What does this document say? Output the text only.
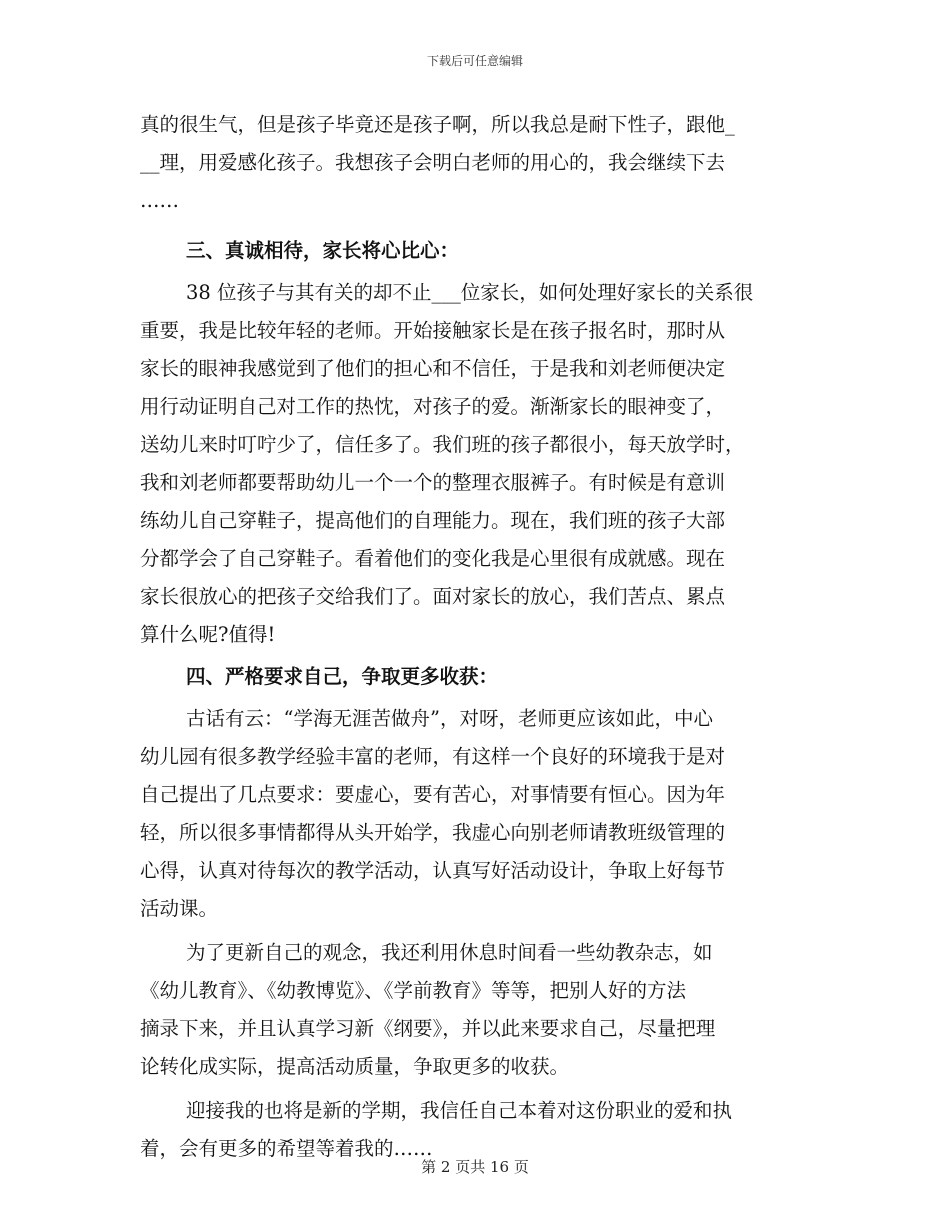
下载后可任意编辑
真的很生气，但是孩子毕竟还是孩子啊，所以我总是耐下性子，跟他_
__理，用爱感化孩子。我想孩子会明白老师的用心的，我会继续下去
……
三、真诚相待，家长将心比心：
38 位孩子与其有关的却不止___位家长，如何处理好家长的关系很
重要，我是比较年轻的老师。开始接触家长是在孩子报名时，那时从
家长的眼神我感觉到了他们的担心和不信任，于是我和刘老师便决定
用行动证明自己对工作的热忱，对孩子的爱。渐渐家长的眼神变了，
送幼儿来时叮咛少了，信任多了。我们班的孩子都很小，每天放学时，
我和刘老师都要帮助幼儿一个一个的整理衣服裤子。有时候是有意训
练幼儿自己穿鞋子，提高他们的自理能力。现在，我们班的孩子大部
分都学会了自己穿鞋子。看着他们的变化我是心里很有成就感。现在
家长很放心的把孩子交给我们了。面对家长的放心，我们苦点、累点
算什么呢?值得!
四、严格要求自己，争取更多收获：
古话有云：“学海无涯苦做舟”，对呀，老师更应该如此，中心
幼儿园有很多教学经验丰富的老师，有这样一个良好的环境我于是对
自己提出了几点要求：要虚心，要有苦心，对事情要有恒心。因为年
轻，所以很多事情都得从头开始学，我虚心向别老师请教班级管理的
心得，认真对待每次的教学活动，认真写好活动设计，争取上好每节
活动课。
为了更新自己的观念，我还利用休息时间看一些幼教杂志，如
《幼儿教育》、《幼教博览》、《学前教育》等等，把别人好的方法
摘录下来，并且认真学习新《纲要》，并以此来要求自己，尽量把理
论转化成实际，提高活动质量，争取更多的收获。
迎接我的也将是新的学期，我信任自己本着对这份职业的爱和执
着，会有更多的希望等着我的……
第 2 页共 16 页
